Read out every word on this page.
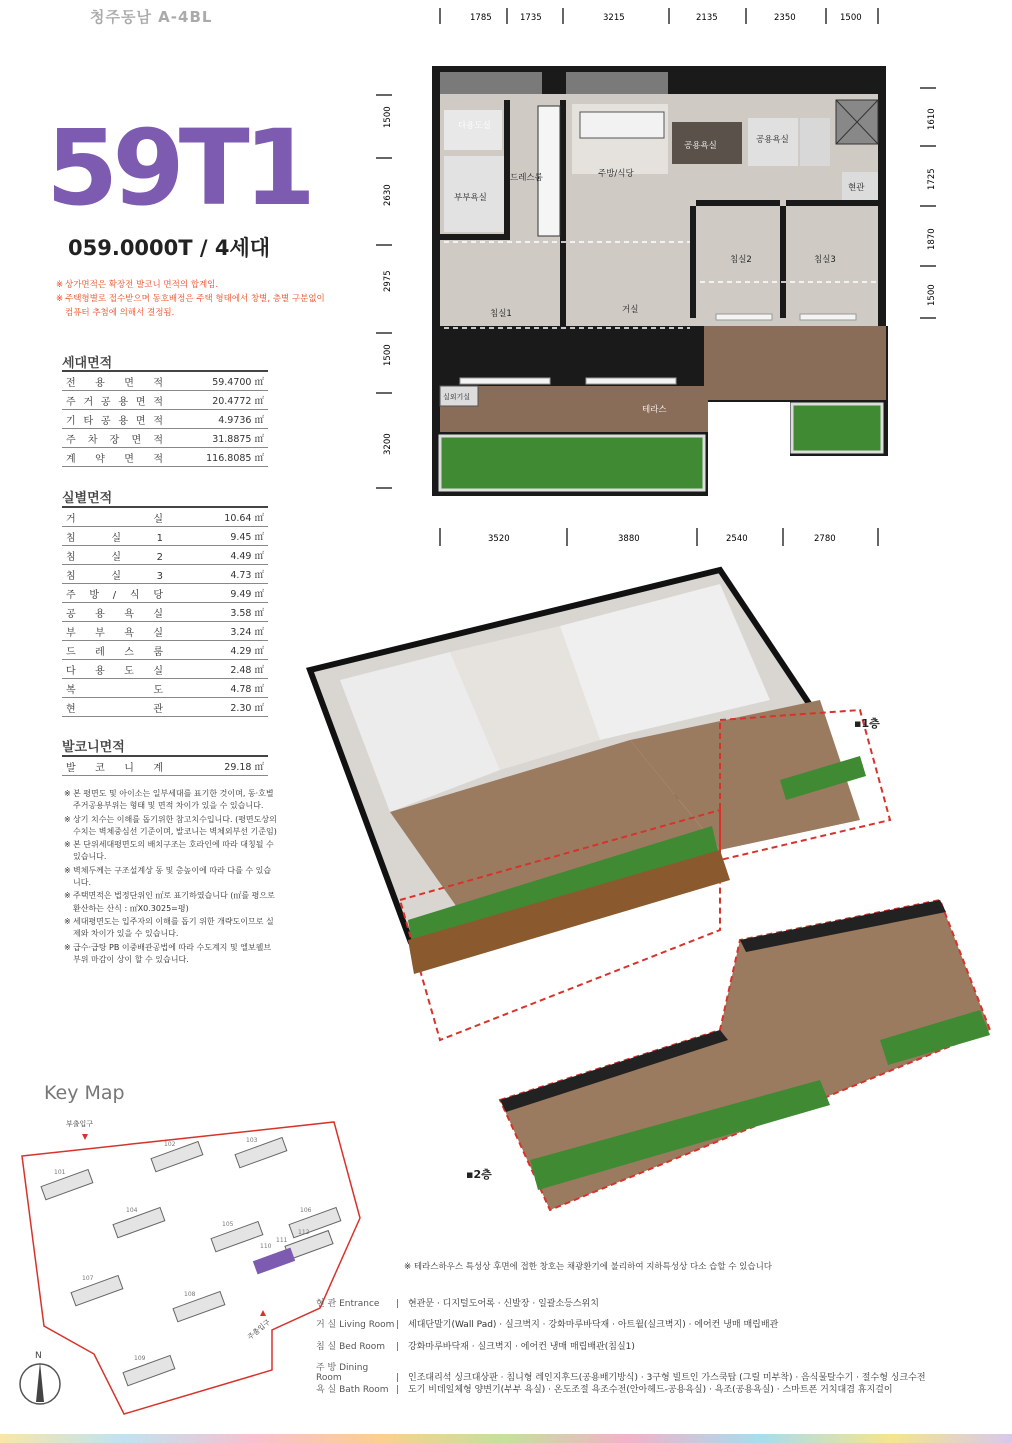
청주동남 A-4BL
59T1
059.0000T / 4세대
※ 상가면적은 확장전 발코니 면적의 합계임.
※ 주택형별로 접수받으며 동호배정은 주택 형태에서 창별, 층별 구분없이 컴퓨터 추첨에 의해서 결정됨.
세대면적
전 용 면 적	59.4700 ㎡
주 거 공 용 면 적	20.4772 ㎡
기 타 공 용 면 적	4.9736 ㎡
주 차 장 면 적	31.8875 ㎡
계 약 면 적	116.8085 ㎡
실별면적
거 실	10.64 ㎡
침 실 1	9.45 ㎡
침 실 2	4.49 ㎡
침 실 3	4.73 ㎡
주 방 / 식 당	9.49 ㎡
공 용 욕 실	3.58 ㎡
부 부 욕 실	3.24 ㎡
드 레 스 룸	4.29 ㎡
다 용 도 실	2.48 ㎡
복 도	4.78 ㎡
현 관	2.30 ㎡
발코니면적
발 코 니 계	29.18 ㎡
※ 본 평면도 및 아이소는 일부세대를 표기한 것이며, 동·호별 주거공용부위는 형태 및 면적 차이가 있을 수 있습니다.
※ 상기 치수는 이해를 돕기위한 참고치수입니다. (평면도상의 수치는 벽체중심선 기준이며, 발코니는 벽체외부선 기준임)
※ 본 단위세대평면도의 배치구조는 호라인에 따라 대칭될 수 있습니다.
※ 벽체두께는 구조설계상 동 및 층높이에 따라 다를 수 있습니다.
※ 주택면적은 법정단위인 ㎡로 표기하였습니다 (㎡를 평으로 환산하는 산식 : ㎡X0.3025=평)
※ 세대평면도는 입주자의 이해를 돕기 위한 개략도이므로 실제와 차이가 있을 수 있습니다.
※ 급수·급탕 PB 이중배관공법에 따라 수도계지 및 엘보웰브 부위 마감이 상이 할 수 있습니다.
1785	1735	3215	2135	2350	1500
3520	3880	2540	2780
1500
2630
2975
1500
3200
1610
1725
1870
1500
다용도실
드레스룸
부부욕실
주방/식당
공용욕실
공용욕실
현관
침실1	거실
침실2	침실3
실외기실
테라스
▪1층
▪2층
Key Map
101
102
103
104
105
106
107
108
109
110
111
112
부출입구
주출입구
N
※ 테라스하우스 특성상 후면에 접한 창호는 채광환기에 불리하여 지하특성상 다소 습할 수 있습니다
현 관 Entrance | 현관문 · 디지털도어록 · 신발장 · 일괄소등스위치
거 실 Living Room | 세대단말기(Wall Pad) · 실크벽지 · 강화마루바닥재 · 아트월(실크벽지) · 에어컨 냉매 매립배관
침 실 Bed Room | 강화마루바닥재 · 실크벽지 · 에어컨 냉매 매립배관(침실1)
주 방 Dining Room	| 인조대리석 싱크대상판 · 침니형 레인지후드(공용배기방식) · 3구형 빌트인 가스쿡탑 (그릴 미부착) · 음식물탈수기 · 절수형 싱크수전
욕 실 Bath Room | 도기 비데일체형 양변기(부부 욕실) · 온도조절 욕조수전(안아헤드-공용욕실) · 욕조(공용욕실) · 스마트폰 거치대겸 휴지걸이
